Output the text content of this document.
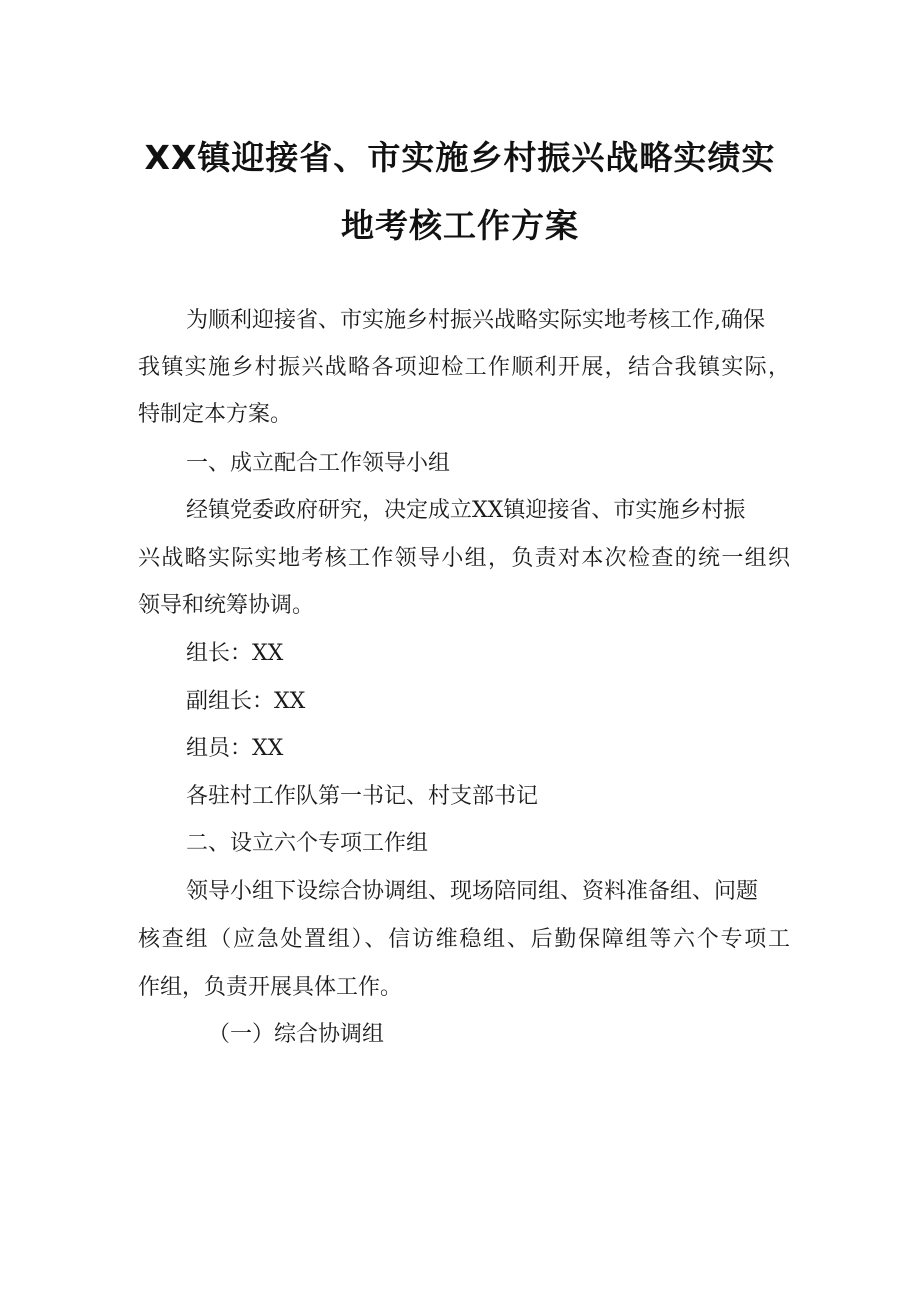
XX镇迎接省、市实施乡村振兴战略实绩实
地考核工作方案
为顺利迎接省、市实施乡村振兴战略实际实地考核工作,确保
我镇实施乡村振兴战略各项迎检工作顺利开展，结合我镇实际，
特制定本方案。
一、成立配合工作领导小组
经镇党委政府研究，决定成立XX镇迎接省、市实施乡村振
兴战略实际实地考核工作领导小组，负责对本次检查的统一组织
领导和统筹协调。
组长：XX
副组长：XX
组员：XX
各驻村工作队第一书记、村支部书记
二、设立六个专项工作组
领导小组下设综合协调组、现场陪同组、资料准备组、问题
核查组（应急处置组）、信访维稳组、后勤保障组等六个专项工
作组，负责开展具体工作。
（一）综合协调组
